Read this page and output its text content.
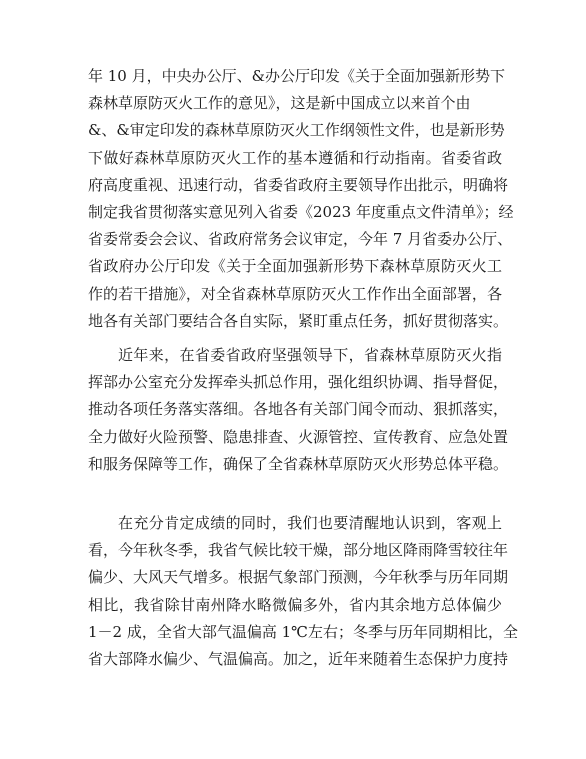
年 10 月，中央办公厅、&办公厅印发《关于全面加强新形势下
森林草原防灭火工作的意见》，这是新中国成立以来首个由
&、&审定印发的森林草原防灭火工作纲领性文件，也是新形势
下做好森林草原防灭火工作的基本遵循和行动指南。省委省政
府高度重视、迅速行动，省委省政府主要领导作出批示，明确将
制定我省贯彻落实意见列入省委《2023 年度重点文件清单》；经
省委常委会会议、省政府常务会议审定，今年 7 月省委办公厅、
省政府办公厅印发《关于全面加强新形势下森林草原防灭火工
作的若干措施》，对全省森林草原防灭火工作作出全面部署，各
地各有关部门要结合各自实际，紧盯重点任务，抓好贯彻落实。

近年来，在省委省政府坚强领导下，省森林草原防灭火指
挥部办公室充分发挥牵头抓总作用，强化组织协调、指导督促，
推动各项任务落实落细。各地各有关部门闻令而动、狠抓落实，
全力做好火险预警、隐患排查、火源管控、宣传教育、应急处置
和服务保障等工作，确保了全省森林草原防灭火形势总体平稳。

在充分肯定成绩的同时，我们也要清醒地认识到，客观上
看，今年秋冬季，我省气候比较干燥，部分地区降雨降雪较往年
偏少、大风天气增多。根据气象部门预测，今年秋季与历年同期
相比，我省除甘南州降水略微偏多外，省内其余地方总体偏少
1－2 成，全省大部气温偏高 1℃左右；冬季与历年同期相比，全
省大部降水偏少、气温偏高。加之，近年来随着生态保护力度持
